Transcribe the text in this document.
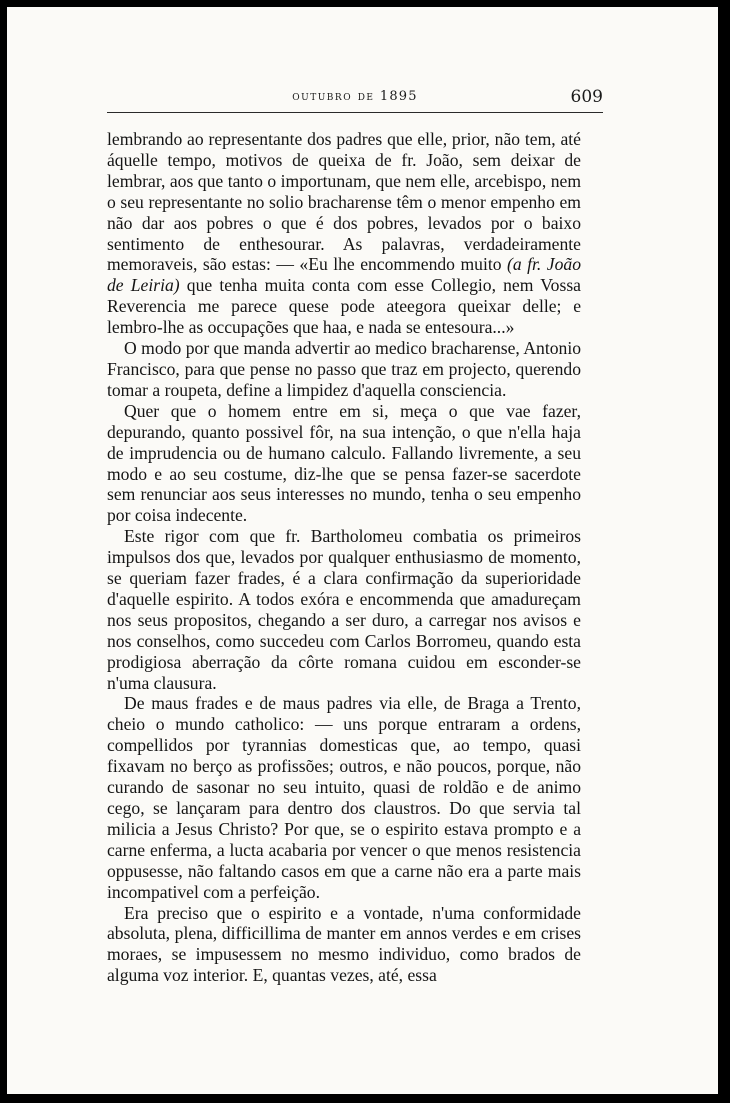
outubro de 1895	609

lembrando ao representante dos padres que elle, prior, não tem, até áquelle tempo, motivos de queixa de fr. João, sem deixar de lembrar, aos que tanto o importunam, que nem elle, arcebispo, nem o seu representante no solio bracharense têm o menor empenho em não dar aos pobres o que é dos pobres, levados por o baixo sentimento de enthesourar. As palavras, verdadeiramente memoraveis, são estas: — «Eu lhe encommendo muito (a fr. João de Leiria) que tenha muita conta com esse Collegio, nem Vossa Reverencia me parece quese pode ateegora queixar delle; e lembro-lhe as occupações que haa, e nada se entesoura...»

O modo por que manda advertir ao medico bracharense, Antonio Francisco, para que pense no passo que traz em projecto, querendo tomar a roupeta, define a limpidez d'aquella consciencia.

Quer que o homem entre em si, meça o que vae fazer, depurando, quanto possivel fôr, na sua intenção, o que n'ella haja de imprudencia ou de humano calculo. Fallando livremente, a seu modo e ao seu costume, diz-lhe que se pensa fazer-se sacerdote sem renunciar aos seus interesses no mundo, tenha o seu empenho por coisa indecente.

Este rigor com que fr. Bartholomeu combatia os primeiros impulsos dos que, levados por qualquer enthusiasmo de momento, se queriam fazer frades, é a clara confirmação da superioridade d'aquelle espirito. A todos exóra e encommenda que amadureçam nos seus propositos, chegando a ser duro, a carregar nos avisos e nos conselhos, como succedeu com Carlos Borromeu, quando esta prodigiosa aberração da côrte romana cuidou em esconder-se n'uma clausura.

De maus frades e de maus padres via elle, de Braga a Trento, cheio o mundo catholico: — uns porque entraram a ordens, compellidos por tyrannias domesticas que, ao tempo, quasi fixavam no berço as profissões; outros, e não poucos, porque, não curando de sasonar no seu intuito, quasi de roldão e de animo cego, se lançaram para dentro dos claustros. Do que servia tal milicia a Jesus Christo? Por que, se o espirito estava prompto e a carne enferma, a lucta acabaria por vencer o que menos resistencia oppusesse, não faltando casos em que a carne não era a parte mais incompativel com a perfeição.

Era preciso que o espirito e a vontade, n'uma conformidade absoluta, plena, difficillima de manter em annos verdes e em crises moraes, se impusessem no mesmo individuo, como brados de alguma voz interior. E, quantas vezes, até, essa
